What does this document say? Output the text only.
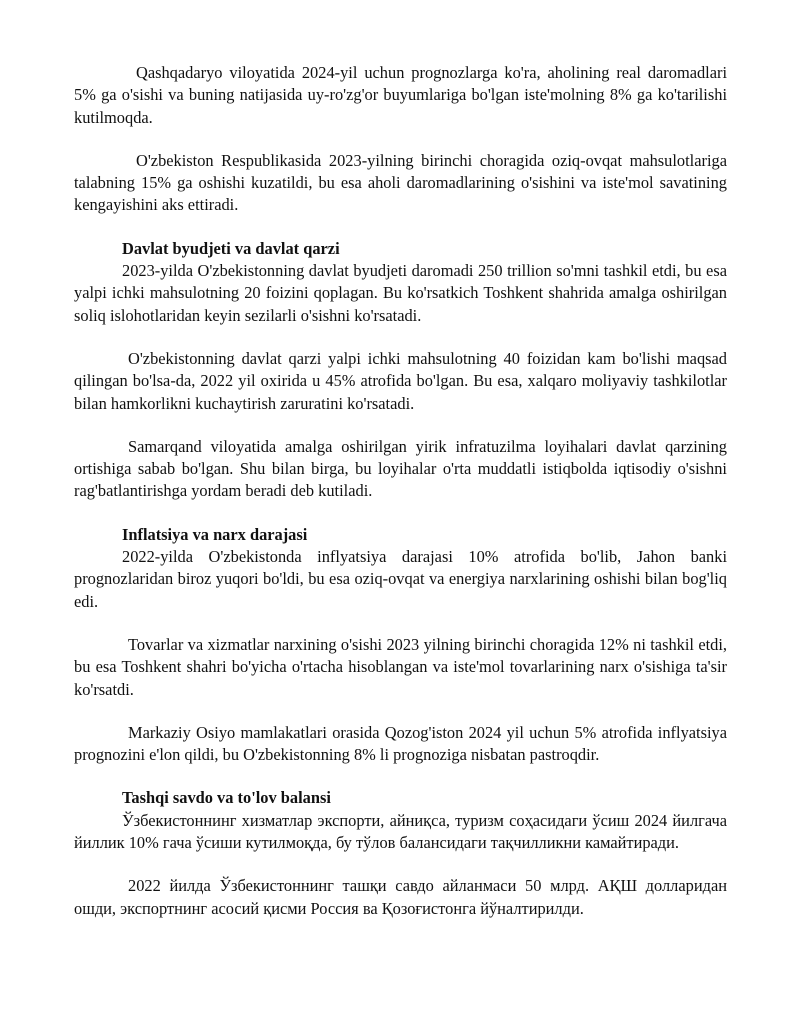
Qashqadaryo viloyatida 2024-yil uchun prognozlarga ko'ra, aholining real daromadlari 5% ga o'sishi va buning natijasida uy-ro'zg'or buyumlariga bo'lgan iste'molning 8% ga ko'tarilishi kutilmoqda.

O'zbekiston Respublikasida 2023-yilning birinchi choragida oziq-ovqat mahsulotlariga talabning 15% ga oshishi kuzatildi, bu esa aholi daromadlarining o'sishini va iste'mol savatining kengayishini aks ettiradi.

Davlat byudjeti va davlat qarzi

2023-yilda O'zbekistonning davlat byudjeti daromadi 250 trillion so'mni tashkil etdi, bu esa yalpi ichki mahsulotning 20 foizini qoplagan. Bu ko'rsatkich Toshkent shahrida amalga oshirilgan soliq islohotlaridan keyin sezilarli o'sishni ko'rsatadi.

O'zbekistonning davlat qarzi yalpi ichki mahsulotning 40 foizidan kam bo'lishi maqsad qilingan bo'lsa-da, 2022 yil oxirida u 45% atrofida bo'lgan. Bu esa, xalqaro moliyaviy tashkilotlar bilan hamkorlikni kuchaytirish zaruratini ko'rsatadi.

Samarqand viloyatida amalga oshirilgan yirik infratuzilma loyihalari davlat qarzining ortishiga sabab bo'lgan. Shu bilan birga, bu loyihalar o'rta muddatli istiqbolda iqtisodiy o'sishni rag'batlantirishga yordam beradi deb kutiladi.

Inflatsiya va narx darajasi

2022-yilda O'zbekistonda inflyatsiya darajasi 10% atrofida bo'lib, Jahon banki prognozlaridan biroz yuqori bo'ldi, bu esa oziq-ovqat va energiya narxlarining oshishi bilan bog'liq edi.

Tovarlar va xizmatlar narxining o'sishi 2023 yilning birinchi choragida 12% ni tashkil etdi, bu esa Toshkent shahri bo'yicha o'rtacha hisoblangan va iste'mol tovarlarining narx o'sishiga ta'sir ko'rsatdi.

Markaziy Osiyo mamlakatlari orasida Qozog'iston 2024 yil uchun 5% atrofida inflyatsiya prognozini e'lon qildi, bu O'zbekistonning 8% li prognoziga nisbatan pastroqdir.

Tashqi savdo va to'lov balansi

Ўзбекистоннинг хизматлар экспорти, айниқса, туризм соҳасидаги ўсиш 2024 йилгача йиллик 10% гача ўсиши кутилмоқда, бу тўлов балансидаги тақчилликни камайтиради.

2022 йилда Ўзбекистоннинг ташқи савдо айланмаси 50 млрд. АҚШ долларидан ошди, экспортнинг асосий қисми Россия ва Қозоғистонга йўналтирилди.
